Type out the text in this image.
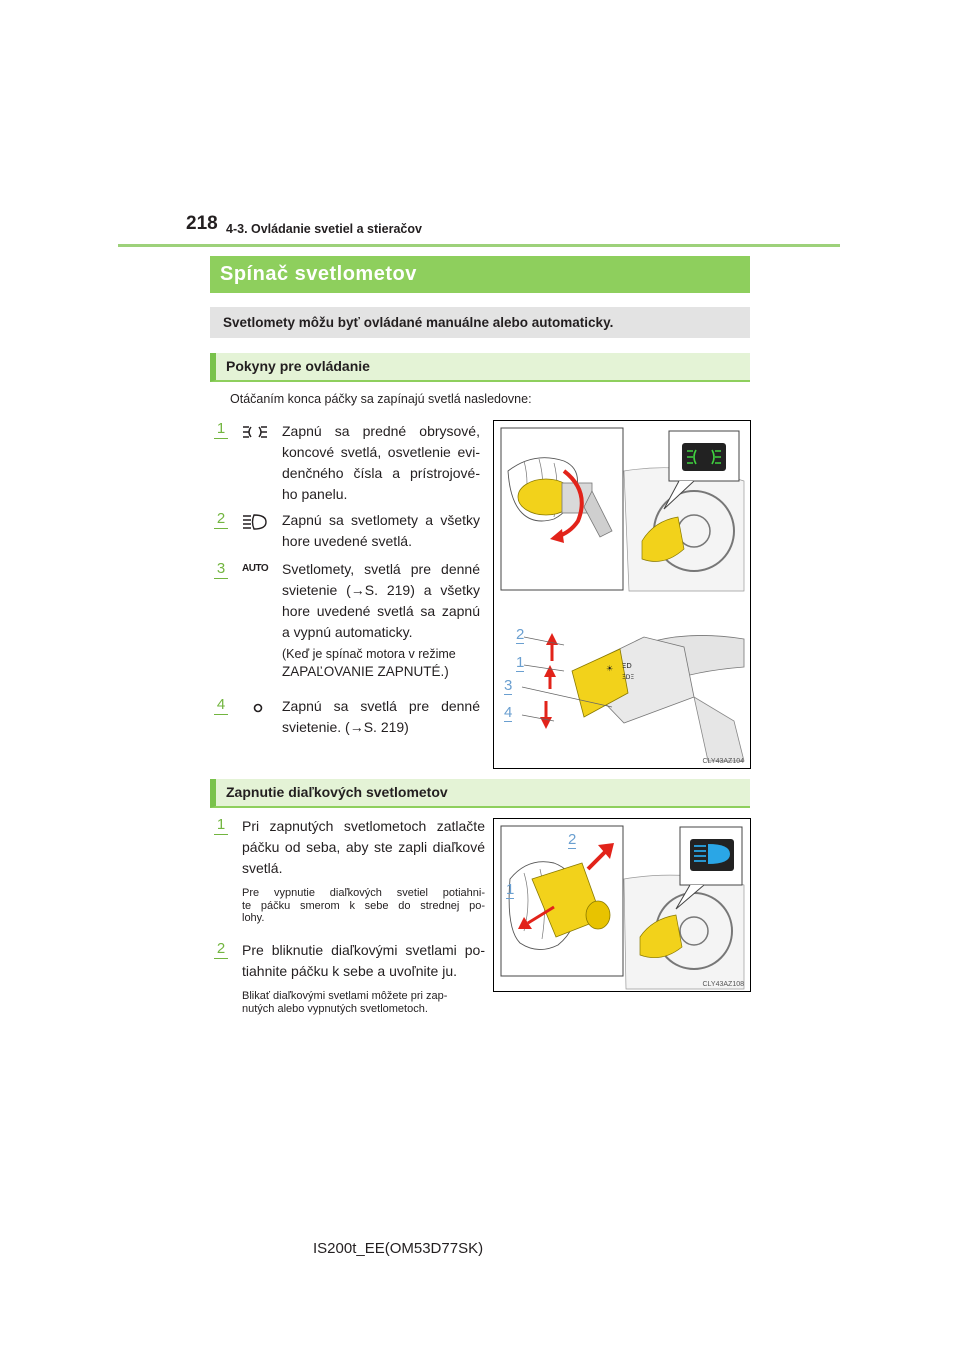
218 4-3. Ovládanie svetiel a stieračov
Spínač svetlometov
Svetlomety môžu byť ovládané manuálne alebo automaticky.
Pokyny pre ovládanie
Otáčaním konca páčky sa zapínajú svetlá nasledovne:
1	Zapnú sa predné obrysové,
koncové svetlá, osvetlenie evi-
denčného čísla a prístrojové-
ho panelu.
2	Zapnú sa svetlomety a všetky
hore uvedené svetlá.
3 AUTO Svetlomety, svetlá pre denné
svietenie (→S. 219) a všetky
hore uvedené svetlá sa zapnú
a vypnú automaticky.
(Keď je spínač motora v režime
ZAPAĽOVANIE ZAPNUTÉ.)
4	Zapnú sa svetlá pre denné
svietenie. (→S. 219)
☀ ΞD
ΞDΞ
2
1
3
4
CLY43AZ104
Zapnutie diaľkových svetlometov
1 Pri zapnutých svetlometoch zatlačte
páčku od seba, aby ste zapli diaľkové
svetlá.
Pre vypnutie diaľkových svetiel potiahni-
te páčku smerom k sebe do strednej po-
lohy.
2 Pre bliknutie diaľkovými svetlami po-
tiahnite páčku k sebe a uvoľnite ju.
Blikať diaľkovými svetlami môžete pri zap-
nutých alebo vypnutých svetlometoch.
2
1
CLY43AZ108
IS200t_EE(OM53D77SK)
